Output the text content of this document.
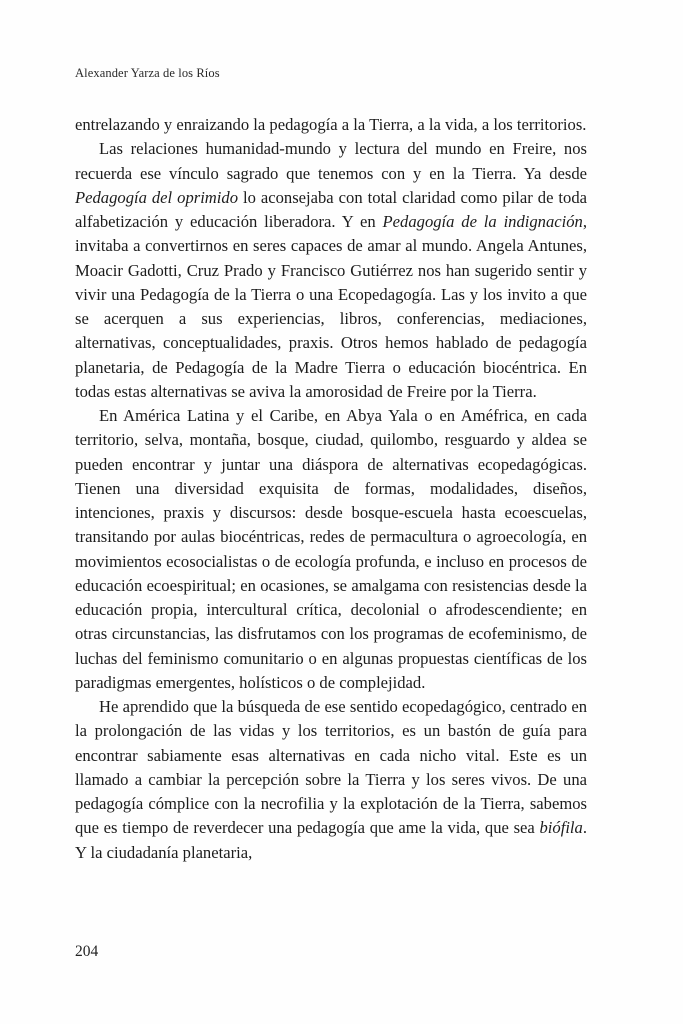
Alexander Yarza de los Ríos

entrelazando y enraizando la pedagogía a la Tierra, a la vida, a los territorios.

Las relaciones humanidad-mundo y lectura del mundo en Freire, nos recuerda ese vínculo sagrado que tenemos con y en la Tierra. Ya desde Pedagogía del oprimido lo aconsejaba con total claridad como pilar de toda alfabetización y educación liberadora. Y en Pedagogía de la indignación, invitaba a convertirnos en seres capaces de amar al mundo. Angela Antunes, Moacir Gadotti, Cruz Prado y Francisco Gutiérrez nos han sugerido sentir y vivir una Pedagogía de la Tierra o una Ecopedagogía. Las y los invito a que se acerquen a sus experiencias, libros, conferencias, mediaciones, alternativas, conceptualidades, praxis. Otros hemos hablado de pedagogía planetaria, de Pedagogía de la Madre Tierra o educación biocéntrica. En todas estas alternativas se aviva la amorosidad de Freire por la Tierra.

En América Latina y el Caribe, en Abya Yala o en Améfrica, en cada territorio, selva, montaña, bosque, ciudad, quilombo, resguardo y aldea se pueden encontrar y juntar una diáspora de alternativas ecopedagógicas. Tienen una diversidad exquisita de formas, modalidades, diseños, intenciones, praxis y discursos: desde bosque-escuela hasta ecoescuelas, transitando por aulas biocéntricas, redes de permacultura o agroecología, en movimientos ecosocialistas o de ecología profunda, e incluso en procesos de educación ecoespiritual; en ocasiones, se amalgama con resistencias desde la educación propia, intercultural crítica, decolonial o afrodescendiente; en otras circunstancias, las disfrutamos con los programas de ecofeminismo, de luchas del feminismo comunitario o en algunas propuestas científicas de los paradigmas emergentes, holísticos o de complejidad.

He aprendido que la búsqueda de ese sentido ecopedagógico, centrado en la prolongación de las vidas y los territorios, es un bastón de guía para encontrar sabiamente esas alternativas en cada nicho vital. Este es un llamado a cambiar la percepción sobre la Tierra y los seres vivos. De una pedagogía cómplice con la necrofilia y la explotación de la Tierra, sabemos que es tiempo de reverdecer una pedagogía que ame la vida, que sea biófila. Y la ciudadanía planetaria,

204
